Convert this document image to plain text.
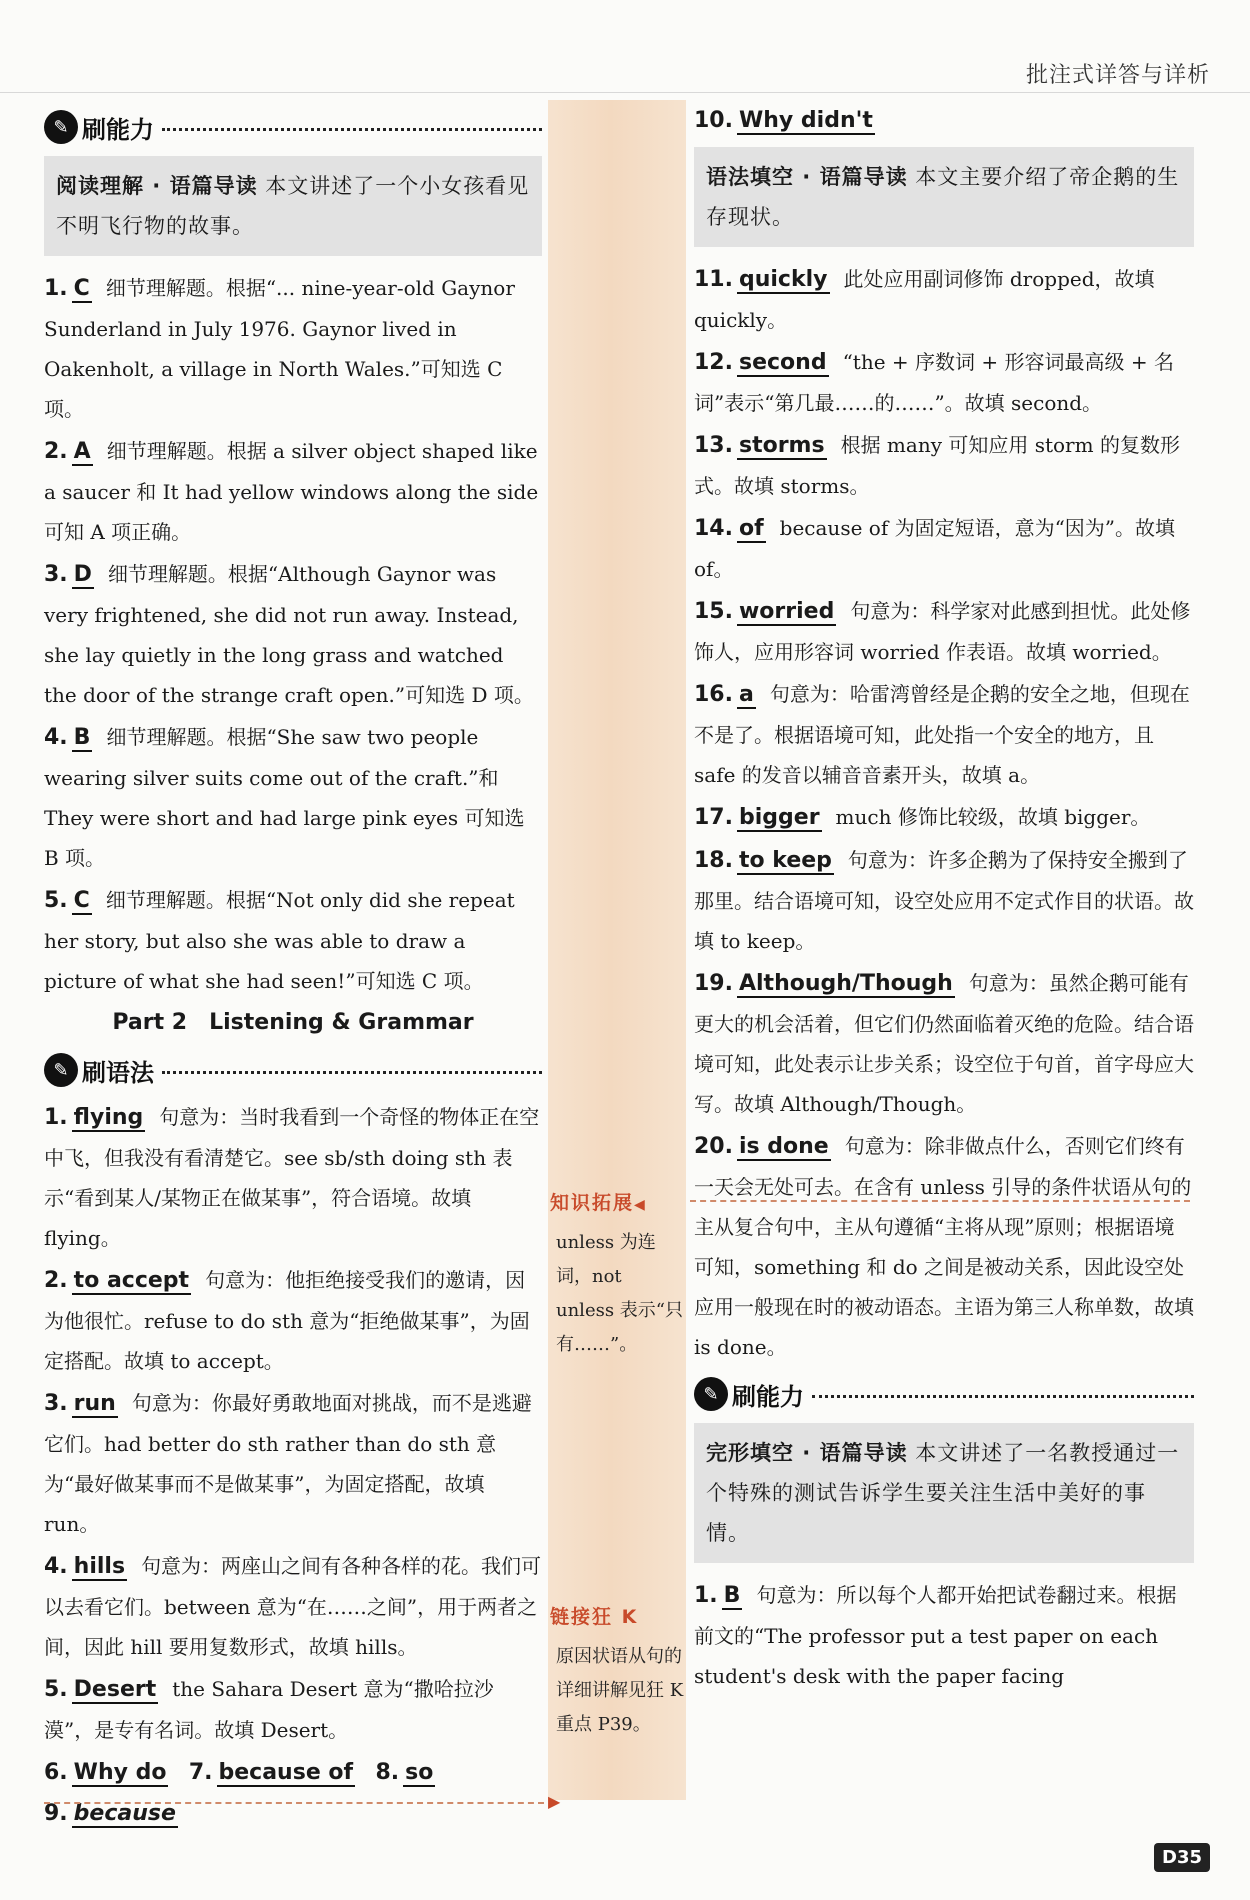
批注式详答与详析
✎ 刷能力
阅读理解 · 语篇导读 本文讲述了一个小女孩看见不明飞行物的故事。
1. C 细节理解题。根据“... nine-year-old Gaynor Sunderland in July 1976. Gaynor lived in Oakenholt, a village in North Wales.”可知选 C 项。
2. A 细节理解题。根据 a silver object shaped like a saucer 和 It had yellow windows along the side 可知 A 项正确。
3. D 细节理解题。根据“Although Gaynor was very frightened, she did not run away. Instead, she lay quietly in the long grass and watched the door of the strange craft open.”可知选 D 项。
4. B 细节理解题。根据“She saw two people wearing silver suits come out of the craft.”和 They were short and had large pink eyes 可知选 B 项。
5. C 细节理解题。根据“Not only did she repeat her story, but also she was able to draw a picture of what she had seen!”可知选 C 项。
Part 2　Listening & Grammar
✎ 刷语法
1. flying 句意为：当时我看到一个奇怪的物体正在空中飞，但我没有看清楚它。see sb/sth doing sth 表示“看到某人/某物正在做某事”，符合语境。故填 flying。
2. to accept 句意为：他拒绝接受我们的邀请，因为他很忙。refuse to do sth 意为“拒绝做某事”，为固定搭配。故填 to accept。
3. run 句意为：你最好勇敢地面对挑战，而不是逃避它们。had better do sth rather than do sth 意为“最好做某事而不是做某事”，为固定搭配，故填 run。
4. hills 句意为：两座山之间有各种各样的花。我们可以去看它们。between 意为“在……之间”，用于两者之间，因此 hill 要用复数形式，故填 hills。
5. Desert the Sahara Desert 意为“撒哈拉沙漠”，是专有名词。故填 Desert。
6. Why do 7. because of 8. so
9. because
知识拓展◀
unless 为连词，not unless 表示“只有……”。
链接狂 K
原因状语从句的详细讲解见狂 K 重点 P39。
▶
10. Why didn't
语法填空 · 语篇导读 本文主要介绍了帝企鹅的生存现状。
11. quickly 此处应用副词修饰 dropped，故填 quickly。
12. second “the + 序数词 + 形容词最高级 + 名词”表示“第几最……的……”。故填 second。
13. storms 根据 many 可知应用 storm 的复数形式。故填 storms。
14. of because of 为固定短语，意为“因为”。故填 of。
15. worried 句意为：科学家对此感到担忧。此处修饰人，应用形容词 worried 作表语。故填 worried。
16. a 句意为：哈雷湾曾经是企鹅的安全之地，但现在不是了。根据语境可知，此处指一个安全的地方，且 safe 的发音以辅音音素开头，故填 a。
17. bigger much 修饰比较级，故填 bigger。
18. to keep 句意为：许多企鹅为了保持安全搬到了那里。结合语境可知，设空处应用不定式作目的状语。故填 to keep。
19. Although/Though 句意为：虽然企鹅可能有更大的机会活着，但它们仍然面临着灭绝的危险。结合语境可知，此处表示让步关系；设空位于句首，首字母应大写。故填 Although/Though。
20. is done 句意为：除非做点什么，否则它们终有一天会无处可去。在含有 unless 引导的条件状语从句的主从复合句中，主从句遵循“主将从现”原则；根据语境可知，something 和 do 之间是被动关系，因此设空处应用一般现在时的被动语态。主语为第三人称单数，故填 is done。
✎ 刷能力
完形填空 · 语篇导读 本文讲述了一名教授通过一个特殊的测试告诉学生要关注生活中美好的事情。
1. B 句意为：所以每个人都开始把试卷翻过来。根据前文的“The professor put a test paper on each student's desk with the paper facing
D35
